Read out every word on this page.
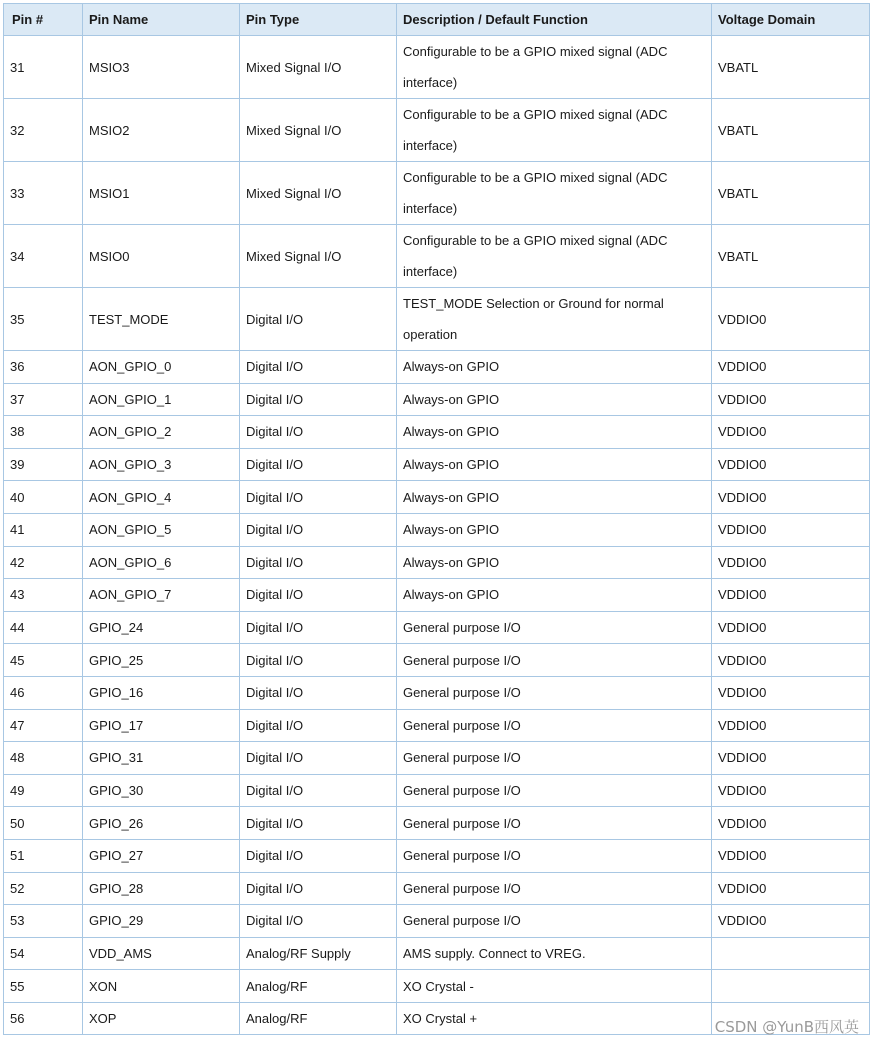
Pin #	Pin Name	Pin Type	Description / Default Function	Voltage Domain
31	MSIO3	Mixed Signal I/O	Configurable to be a GPIO mixed signal (ADC interface)	VBATL
32	MSIO2	Mixed Signal I/O	Configurable to be a GPIO mixed signal (ADC interface)	VBATL
33	MSIO1	Mixed Signal I/O	Configurable to be a GPIO mixed signal (ADC interface)	VBATL
34	MSIO0	Mixed Signal I/O	Configurable to be a GPIO mixed signal (ADC interface)	VBATL
35	TEST_MODE	Digital I/O	TEST_MODE Selection or Ground for normal operation	VDDIO0
36	AON_GPIO_0	Digital I/O	Always-on GPIO	VDDIO0
37	AON_GPIO_1	Digital I/O	Always-on GPIO	VDDIO0
38	AON_GPIO_2	Digital I/O	Always-on GPIO	VDDIO0
39	AON_GPIO_3	Digital I/O	Always-on GPIO	VDDIO0
40	AON_GPIO_4	Digital I/O	Always-on GPIO	VDDIO0
41	AON_GPIO_5	Digital I/O	Always-on GPIO	VDDIO0
42	AON_GPIO_6	Digital I/O	Always-on GPIO	VDDIO0
43	AON_GPIO_7	Digital I/O	Always-on GPIO	VDDIO0
44	GPIO_24	Digital I/O	General purpose I/O	VDDIO0
45	GPIO_25	Digital I/O	General purpose I/O	VDDIO0
46	GPIO_16	Digital I/O	General purpose I/O	VDDIO0
47	GPIO_17	Digital I/O	General purpose I/O	VDDIO0
48	GPIO_31	Digital I/O	General purpose I/O	VDDIO0
49	GPIO_30	Digital I/O	General purpose I/O	VDDIO0
50	GPIO_26	Digital I/O	General purpose I/O	VDDIO0
51	GPIO_27	Digital I/O	General purpose I/O	VDDIO0
52	GPIO_28	Digital I/O	General purpose I/O	VDDIO0
53	GPIO_29	Digital I/O	General purpose I/O	VDDIO0
54	VDD_AMS	Analog/RF Supply	AMS supply. Connect to VREG.	
55	XON	Analog/RF	XO Crystal -	
56	XOP	Analog/RF	XO Crystal +		CSDN @YunB西风英
